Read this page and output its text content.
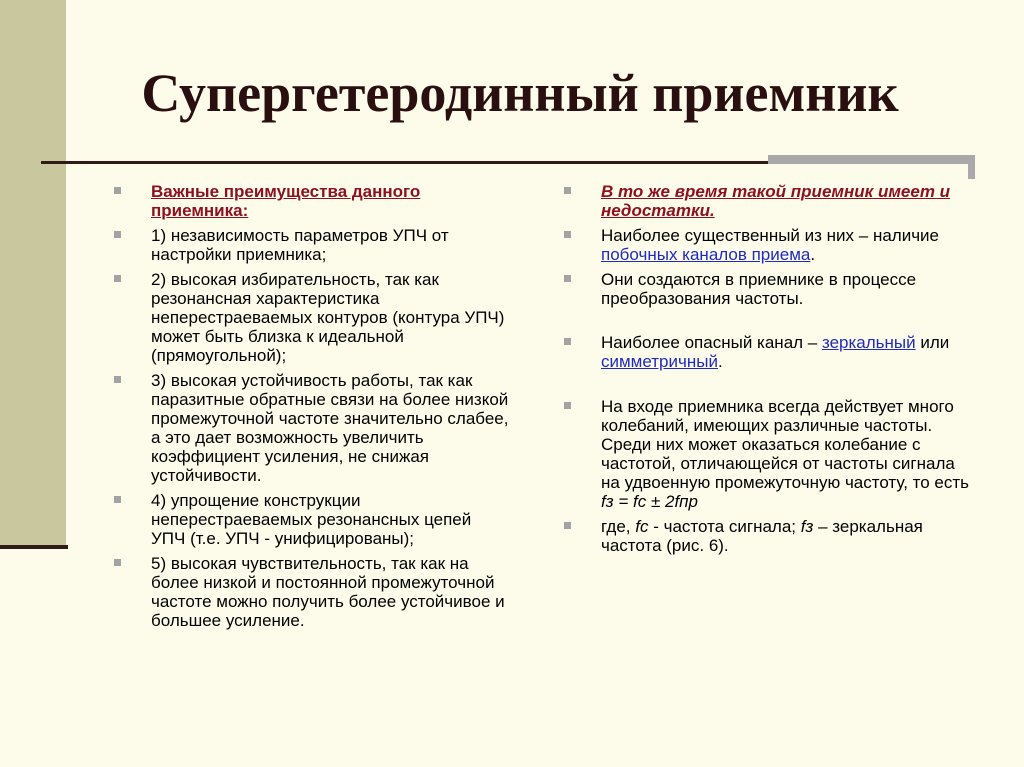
Супергетеродинный приемник
Важные преимущества данного приемника:
1) независимость параметров УПЧ от настройки приемника;
2) высокая избирательность, так как резонансная характеристика неперестраеваемых контуров (контура УПЧ) может быть близка к идеальной (прямоугольной);
3) высокая устойчивость работы, так как паразитные обратные связи на более низкой промежуточной частоте значительно слабее, а это дает возможность увеличить коэффициент усиления, не снижая устойчивости.
4) упрощение конструкции неперестраеваемых резонансных цепей УПЧ (т.е. УПЧ - унифицированы);
5) высокая чувствительность, так как на более низкой и постоянной промежуточной частоте можно получить более устойчивое и большее усиление.
В то же время такой приемник имеет и недостатки.
Наиболее существенный из них – наличие побочных каналов приема.
Они создаются в приемнике в процессе преобразования частоты.
Наиболее опасный канал – зеркальный или симметричный.
На входе приемника всегда действует много колебаний, имеющих различные частоты. Среди них может оказаться колебание с частотой, отличающейся от частоты сигнала на удвоенную промежуточную частоту, то есть fз = fc ± 2fпр
где, fc - частота сигнала; fз – зеркальная частота (рис. 6).
